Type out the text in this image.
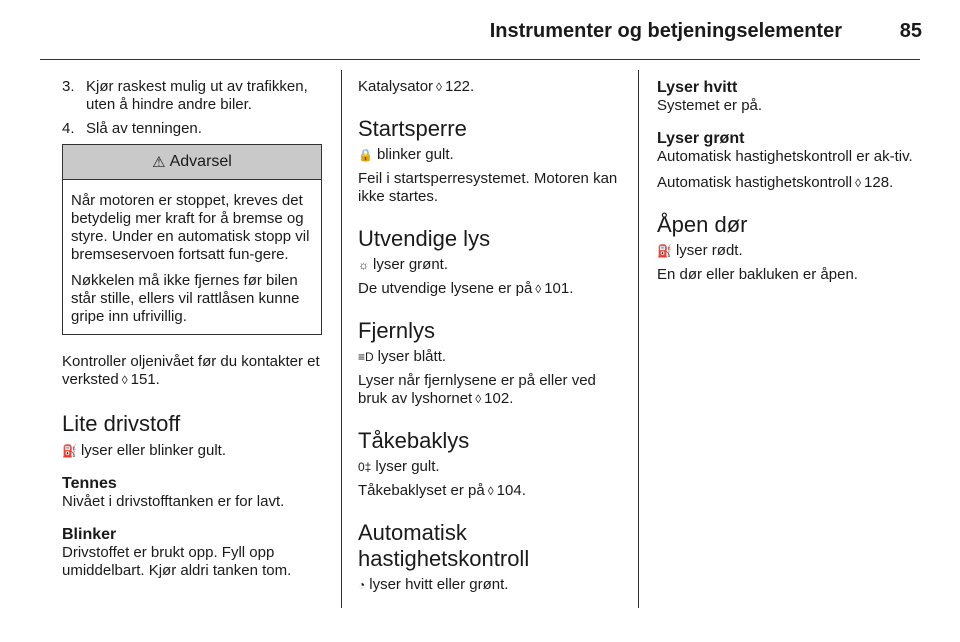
Instrumenter og betjeningselementer	85
3. Kjør raskest mulig ut av trafikken, uten å hindre andre biler.
4. Slå av tenningen.
⚠ Advarsel

Når motoren er stoppet, kreves det betydelig mer kraft for å bremse og styre. Under en automatisk stopp vil bremseservoen fortsatt fun-gere.

Nøkkelen må ikke fjernes før bilen står stille, ellers vil rattlåsen kunne gripe inn ufrivillig.

Kontroller oljenivået før du kontakter et verksted ◊ 151.

Lite drivstoff

⛽ lyser eller blinker gult.

Tennes

Nivået i drivstofftanken er for lavt.

Blinker

Drivstoffet er brukt opp. Fyll opp umiddelbart. Kjør aldri tanken tom.

Katalysator ◊ 122.

Startsperre

🔒 blinker gult.

Feil i startsperresystemet. Motoren kan ikke startes.

Utvendige lys

☼ lyser grønt.

De utvendige lysene er på ◊ 101.

Fjernlys

≡D lyser blått.

Lyser når fjernlysene er på eller ved bruk av lyshornet ◊ 102.

Tåkebaklys

0‡ lyser gult.

Tåkebaklyset er på ◊ 104.

Automatisk
hastighetskontroll

◔ lyser hvitt eller grønt.

Lyser hvitt

Systemet er på.

Lyser grønt

Automatisk hastighetskontroll er ak-tiv.

Automatisk hastighetskontroll ◊ 128.

Åpen dør

⛽ lyser rødt.

En dør eller bakluken er åpen.
